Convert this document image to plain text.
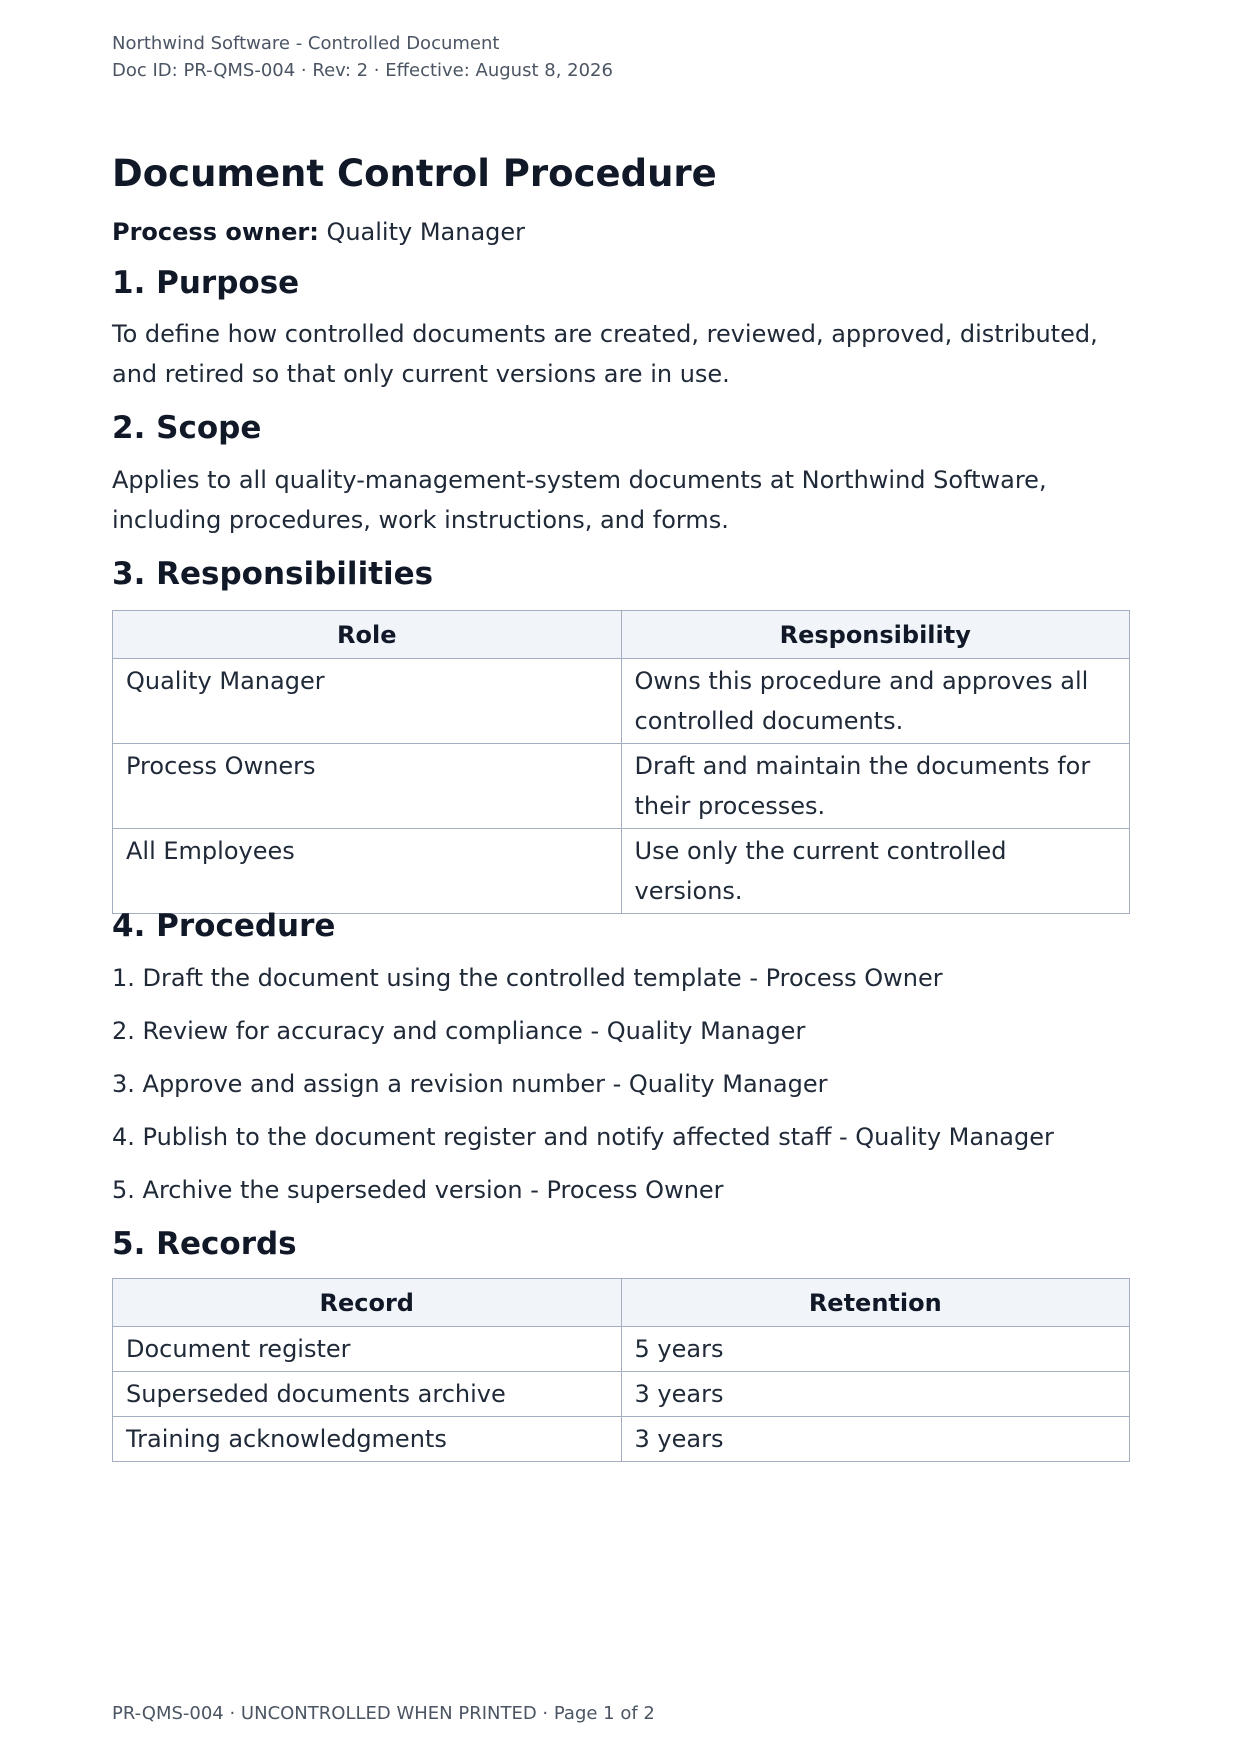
Northwind Software - Controlled Document
Doc ID: PR-QMS-004 · Rev: 2 · Effective: August 8, 2026
Document Control Procedure
Process owner: Quality Manager
1. Purpose
To define how controlled documents are created, reviewed, approved, distributed, and retired so that only current versions are in use.
2. Scope
Applies to all quality-management-system documents at Northwind Software, including procedures, work instructions, and forms.
3. Responsibilities
Role	Responsibility
Quality Manager	Owns this procedure and approves all controlled documents.
Process Owners	Draft and maintain the documents for their processes.
All Employees	Use only the current controlled versions.
4. Procedure
1. Draft the document using the controlled template - Process Owner
2. Review for accuracy and compliance - Quality Manager
3. Approve and assign a revision number - Quality Manager
4. Publish to the document register and notify affected staff - Quality Manager
5. Archive the superseded version - Process Owner
5. Records
Record	Retention
Document register	5 years
Superseded documents archive	3 years
Training acknowledgments	3 years
PR-QMS-004 · UNCONTROLLED WHEN PRINTED · Page 1 of 2
